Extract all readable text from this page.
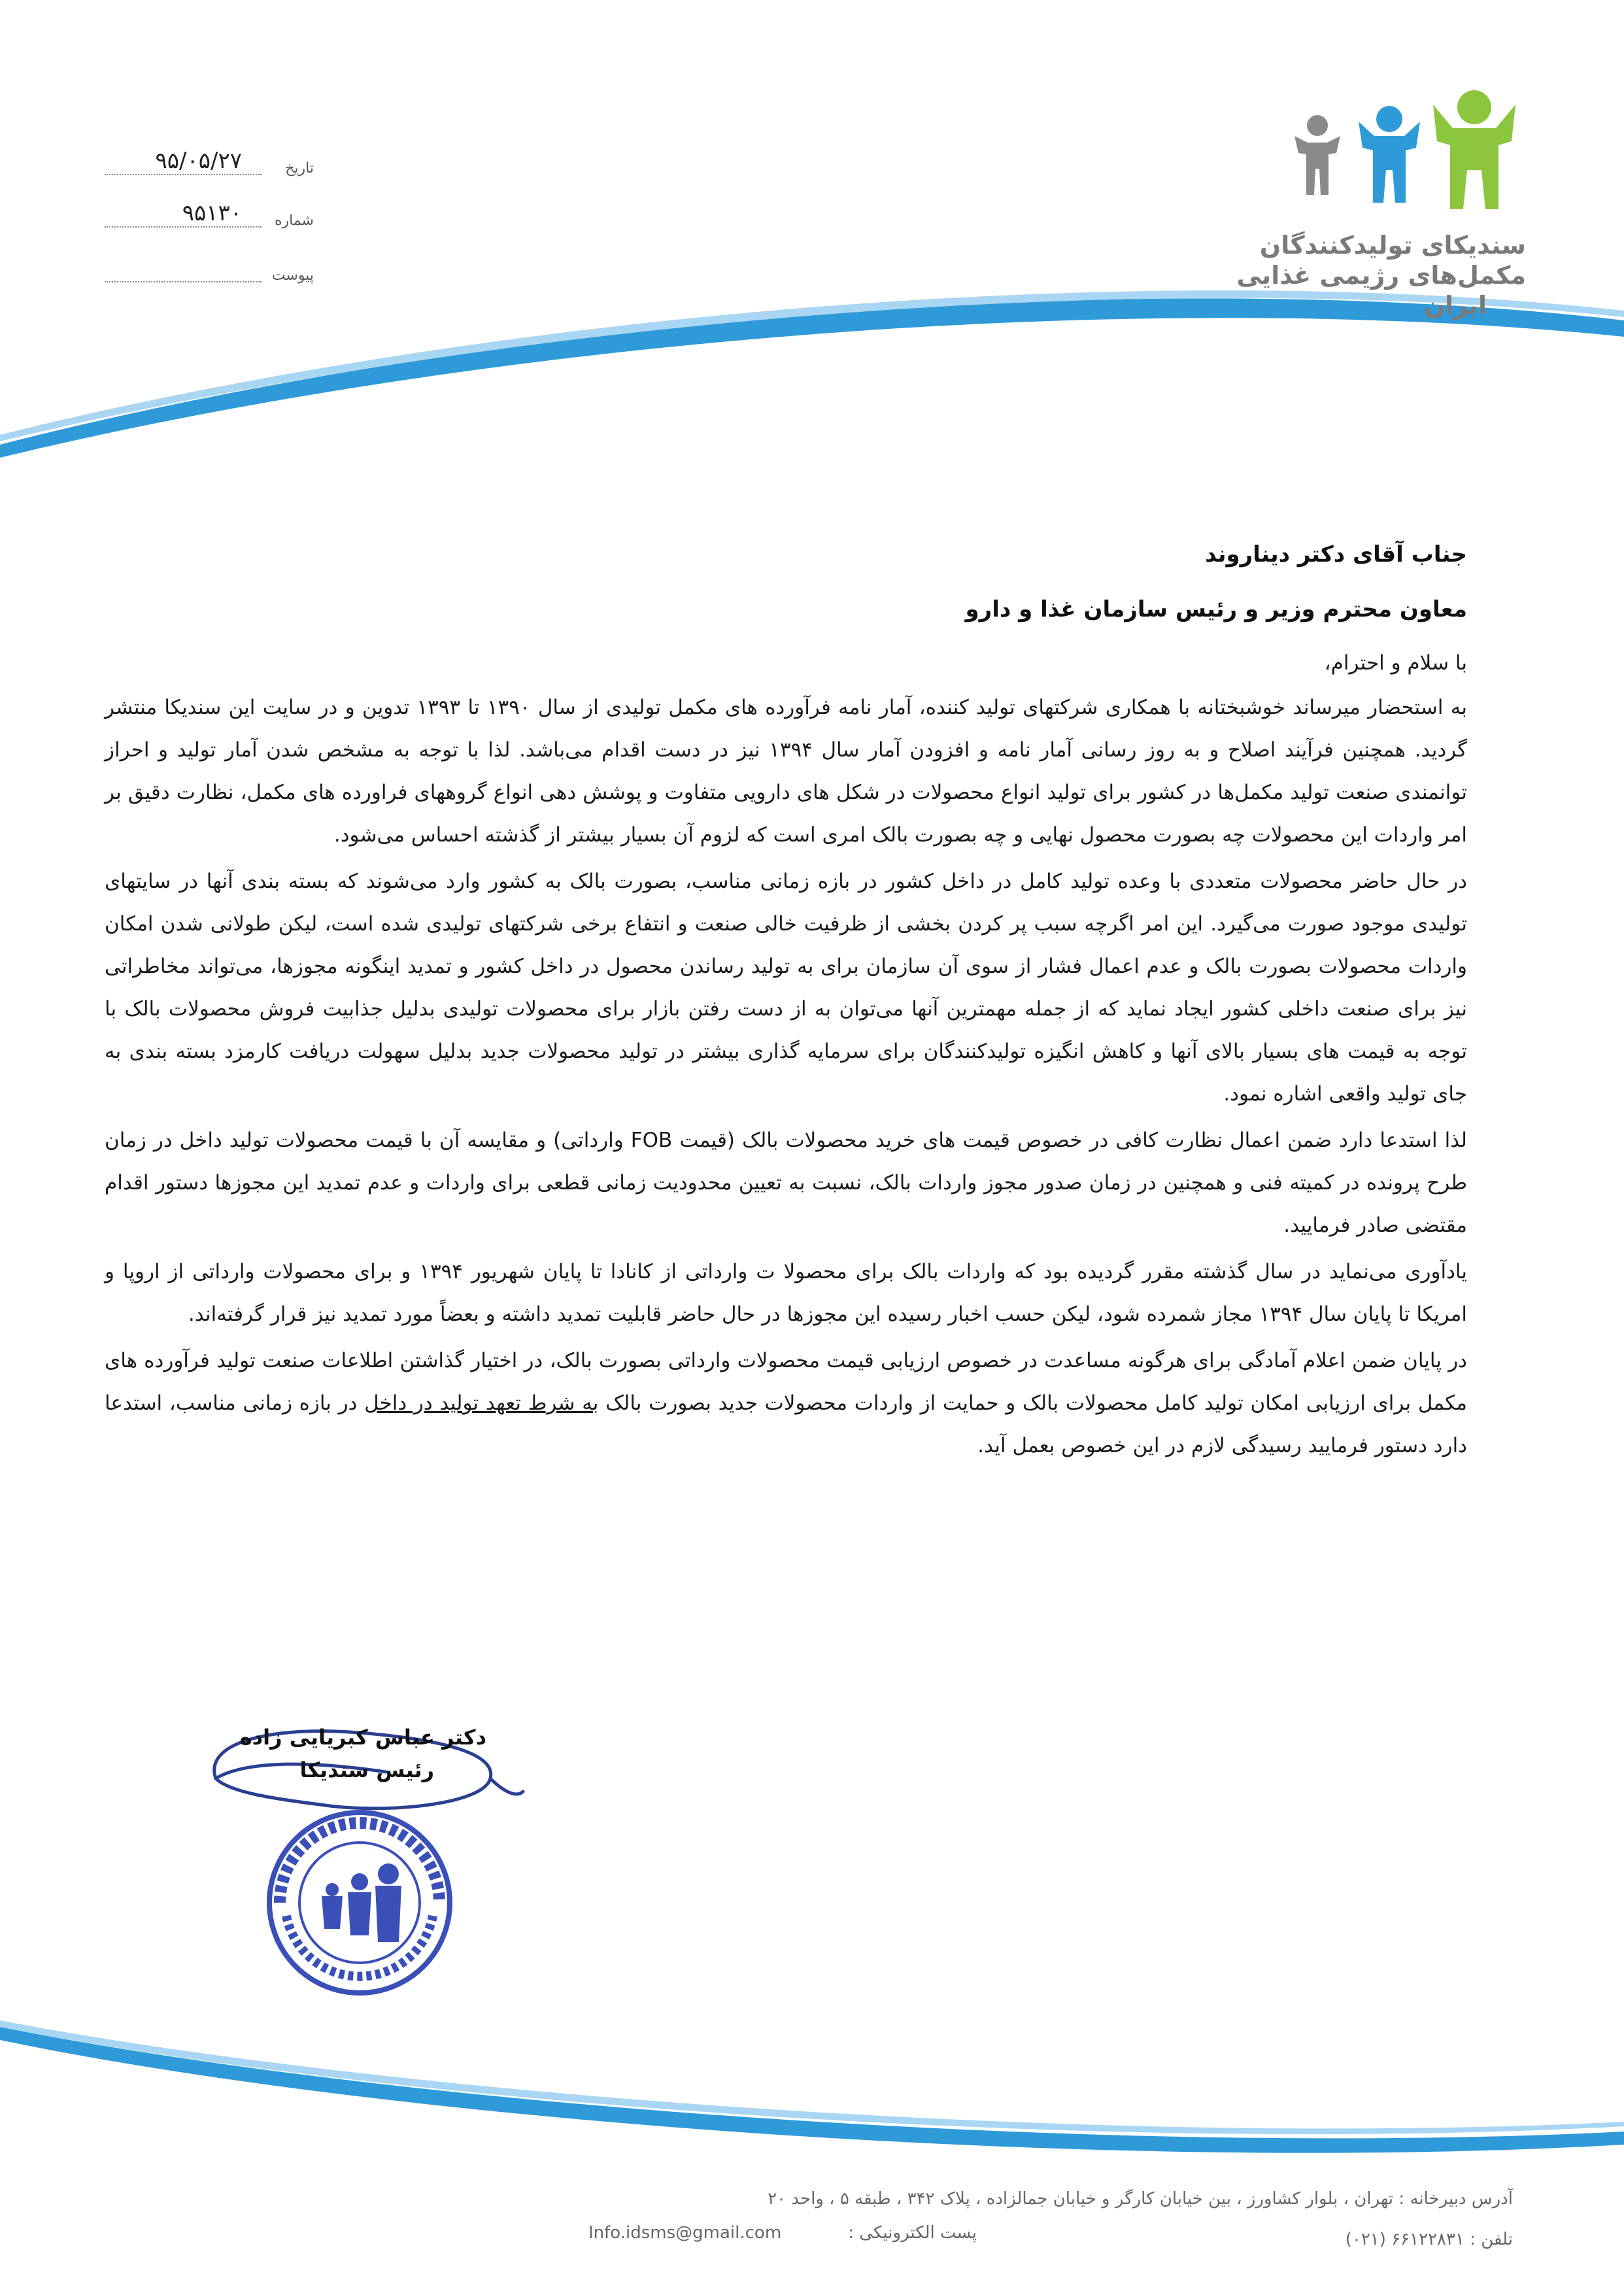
تاریخ
۹۵/۰۵/۲۷
شماره
۹۵۱۳۰
پیوست
سندیکای تولیدکنندگان
مکمل‌های رژیمی غذایی
ایران
جناب آقای دکتر دیناروند
معاون محترم وزیر و رئیس سازمان غذا و دارو
با سلام و احترام،

به استحضار میرساند خوشبختانه با همکاری شرکتهای تولید کننده، آمار نامه فرآورده های مکمل تولیدی از سال ۱۳۹۰ تا ۱۳۹۳ تدوین و در سایت این سندیکا منتشر گردید. همچنین فرآیند اصلاح و به روز رسانی آمار نامه و افزودن آمار سال ۱۳۹۴ نیز در دست اقدام می‌باشد. لذا با توجه به مشخص شدن آمار تولید و احراز توانمندی صنعت تولید مکمل‌ها در کشور برای تولید انواع محصولات در شکل های دارویی متفاوت و پوشش دهی انواع گروههای فراورده های مکمل، نظارت دقیق بر امر واردات این محصولات چه بصورت محصول نهایی و چه بصورت بالک امری است که لزوم آن بسیار بیشتر از گذشته احساس می‌شود.

در حال حاضر محصولات متعددی با وعده تولید کامل در داخل کشور در بازه زمانی مناسب، بصورت بالک به کشور وارد می‌شوند که بسته بندی آنها در سایتهای تولیدی موجود صورت می‌گیرد. این امر اگرچه سبب پر کردن بخشی از ظرفیت خالی صنعت و انتفاع برخی شرکتهای تولیدی شده است، لیکن طولانی شدن امکان واردات محصولات بصورت بالک و عدم اعمال فشار از سوی آن سازمان برای به تولید رساندن محصول در داخل کشور و تمدید اینگونه مجوزها، می‌تواند مخاطراتی نیز برای صنعت داخلی کشور ایجاد نماید که از جمله مهمترین آنها می‌توان به از دست رفتن بازار برای محصولات تولیدی بدلیل جذابیت فروش محصولات بالک با توجه به قیمت های بسیار بالای آنها و کاهش انگیزه تولیدکنندگان برای سرمایه گذاری بیشتر در تولید محصولات جدید بدلیل سهولت دریافت کارمزد بسته بندی به جای تولید واقعی اشاره نمود.

لذا استدعا دارد ضمن اعمال نظارت کافی در خصوص قیمت های خرید محصولات بالک (قیمت FOB وارداتی) و مقایسه آن با قیمت محصولات تولید داخل در زمان طرح پرونده در کمیته فنی و همچنین در زمان صدور مجوز واردات بالک، نسبت به تعیین محدودیت زمانی قطعی برای واردات و عدم تمدید این مجوزها دستور اقدام مقتضی صادر فرمایید.

یادآوری می‌نماید در سال گذشته مقرر گردیده بود که واردات بالک برای محصولا ت وارداتی از کانادا تا پایان شهریور ۱۳۹۴ و برای محصولات وارداتی از اروپا و امریکا تا پایان سال ۱۳۹۴ مجاز شمرده شود، لیکن حسب اخبار رسیده این مجوزها در حال حاضر قابلیت تمدید داشته و بعضاً مورد تمدید نیز قرار گرفته‌اند.

در پایان ضمن اعلام آمادگی برای هرگونه مساعدت در خصوص ارزیابی قیمت محصولات وارداتی بصورت بالک، در اختیار گذاشتن اطلاعات صنعت تولید فرآورده های مکمل برای ارزیابی امکان تولید کامل محصولات بالک و حمایت از واردات محصولات جدید بصورت بالک به شرط تعهد تولید در داخل در بازه زمانی مناسب، استدعا دارد دستور فرمایید رسیدگی لازم در این خصوص بعمل آید.

دکتر عباس کبریایی زاده
رئیس سندیکا
آدرس دبیرخانه : تهران ، بلوار کشاورز ، بین خیابان کارگر و خیابان جمالزاده ، پلاک ۳۴۲ ، طبقه ۵ ، واحد ۲۰
تلفن : ۶۶۱۲۲۸۳۱ (۰۲۱)
پست الکترونیکی :
Info.idsms@gmail.com
